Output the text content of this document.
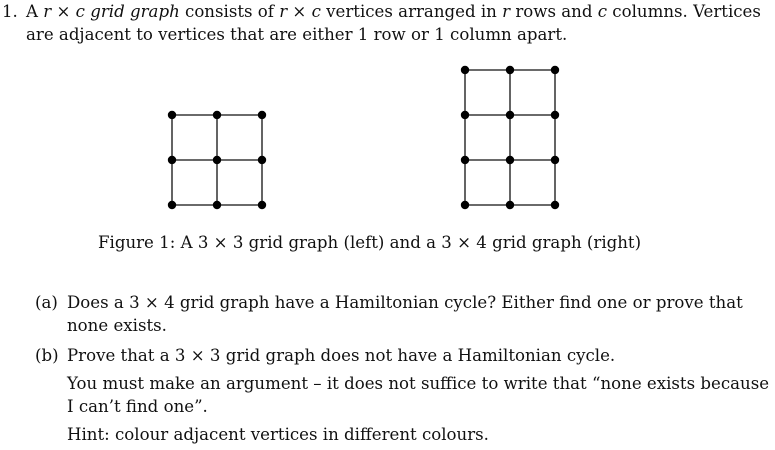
1. A r × c grid graph consists of r × c vertices arranged in r rows and c columns. Vertices
are adjacent to vertices that are either 1 row or 1 column apart.
Figure 1: A 3 × 3 grid graph (left) and a 3 × 4 grid graph (right)
(a) Does a 3 × 4 grid graph have a Hamiltonian cycle? Either find one or prove that
none exists.
(b) Prove that a 3 × 3 grid graph does not have a Hamiltonian cycle.
You must make an argument – it does not suffice to write that “none exists because
I can’t find one”.
Hint: colour adjacent vertices in different colours.
